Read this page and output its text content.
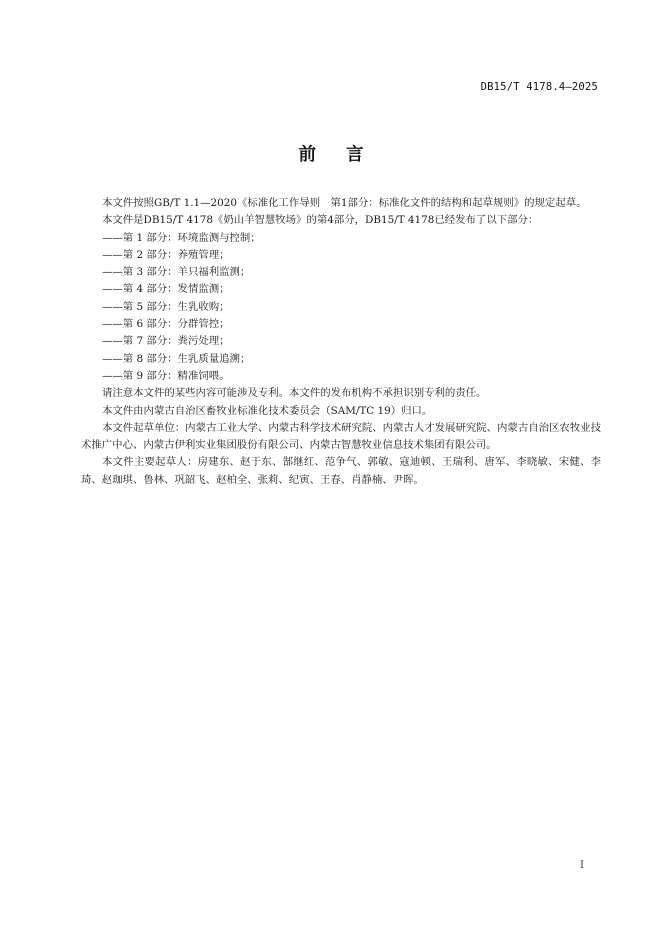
DB15/T 4178.4—2025
前言

本文件按照GB/T 1.1—2020《标准化工作导则　第1部分：标准化文件的结构和起草规则》的规定起草。

本文件是DB15/T 4178《奶山羊智慧牧场》的第4部分，DB15/T 4178已经发布了以下部分：

——第 1 部分：环境监测与控制；

——第 2 部分：养殖管理；

——第 3 部分：羊只福利监测；

——第 4 部分：发情监测；

——第 5 部分：生乳收购；

——第 6 部分：分群管控；

——第 7 部分：粪污处理；

——第 8 部分：生乳质量追溯；

——第 9 部分：精准饲喂。

请注意本文件的某些内容可能涉及专利。本文件的发布机构不承担识别专利的责任。

本文件由内蒙古自治区畜牧业标准化技术委员会（SAM/TC 19）归口。

本文件起草单位：内蒙古工业大学、内蒙古科学技术研究院、内蒙古人才发展研究院、内蒙古自治区农牧业技术推广中心、内蒙古伊利实业集团股份有限公司、内蒙古智慧牧业信息技术集团有限公司。

本文件主要起草人：房建东、赵于东、郜继红、范争气、郭敏、寇迪顿、王瑞利、唐军、李晓敏、宋健、李琦、赵珈琪、鲁林、巩韶飞、赵柏全、张莉、纪寅、王春、肖静楠、尹晖。

I
